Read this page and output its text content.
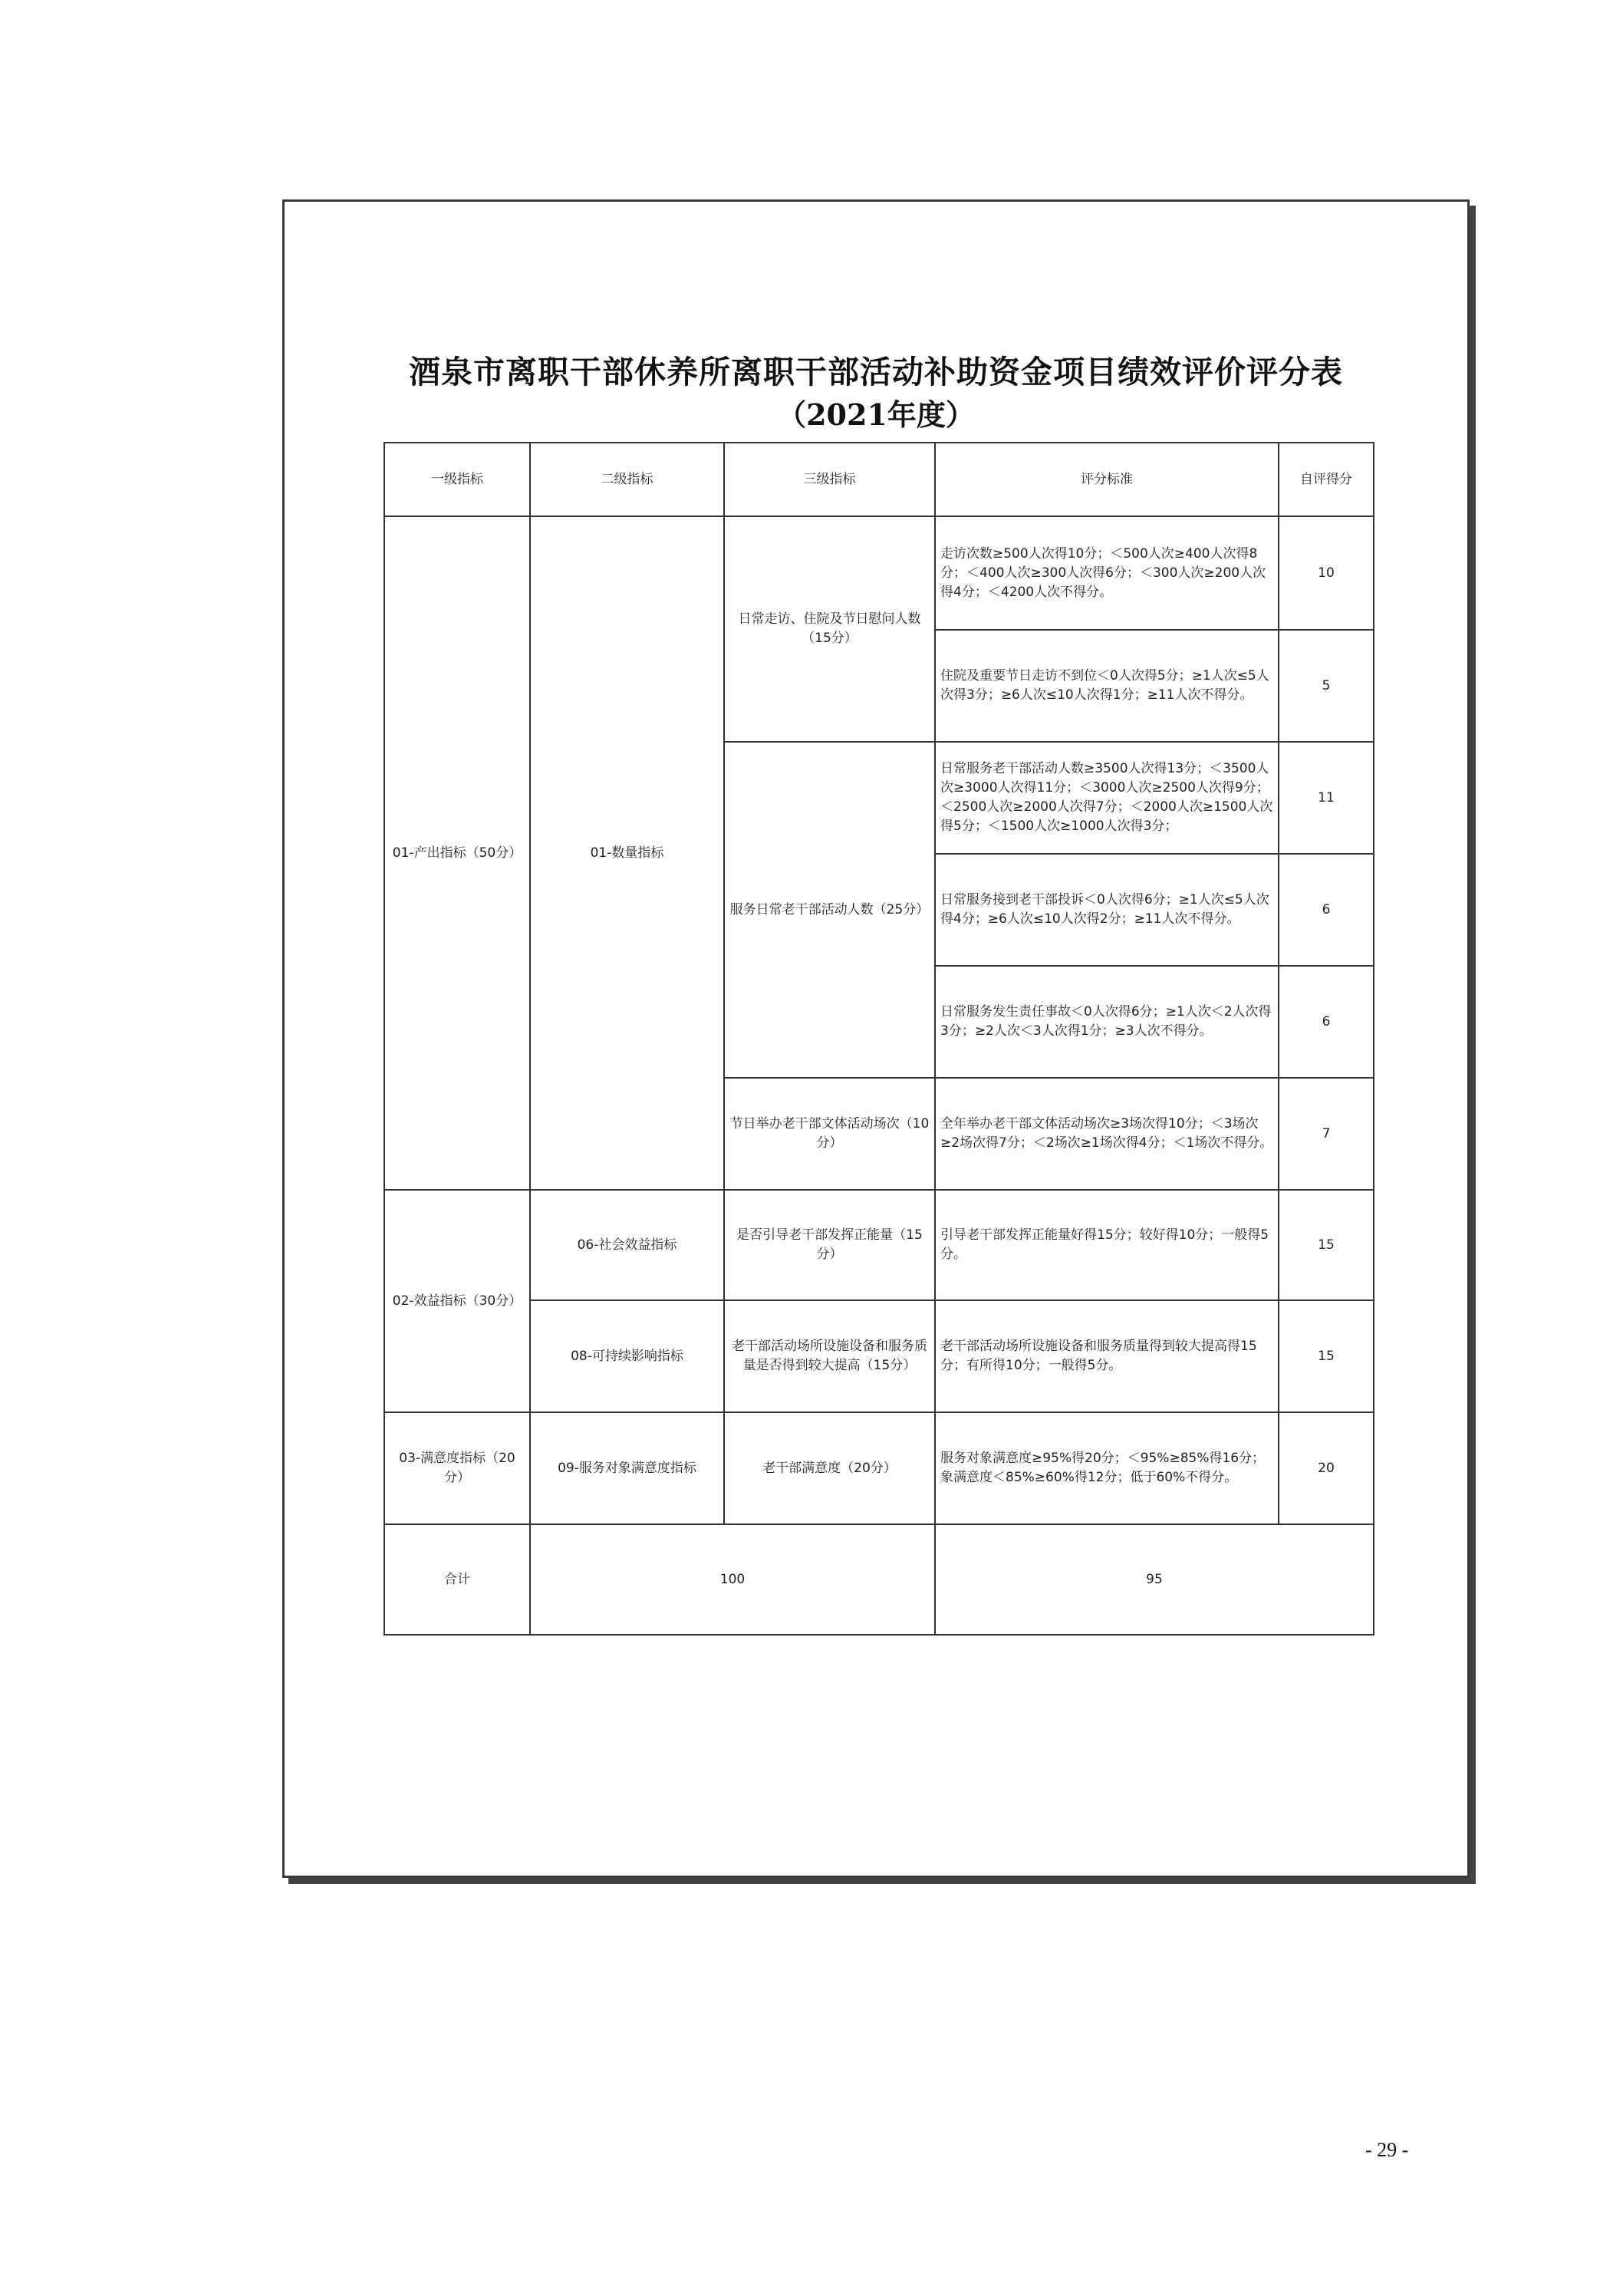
酒泉市离职干部休养所离职干部活动补助资金项目绩效评价评分表
（2021年度）
一级指标	二级指标	三级指标	评分标准	自评得分
01-产出指标（50分）	01-数量指标	日常走访、住院及节日慰问人数（15分）	走访次数≥500人次得10分；＜500人次≥400人次得8分；＜400人次≥300人次得6分；＜300人次≥200人次得4分；＜4200人次不得分。	10
			住院及重要节日走访不到位＜0人次得5分；≥1人次≤5人次得3分；≥6人次≤10人次得1分；≥11人次不得分。	5
		服务日常老干部活动人数（25分）	日常服务老干部活动人数≥3500人次得13分；＜3500人次≥3000人次得11分；＜3000人次≥2500人次得9分；＜2500人次≥2000人次得7分；＜2000人次≥1500人次得5分；＜1500人次≥1000人次得3分；	11
			日常服务接到老干部投诉＜0人次得6分；≥1人次≤5人次得4分；≥6人次≤10人次得2分；≥11人次不得分。	6
			日常服务发生责任事故＜0人次得6分；≥1人次＜2人次得3分；≥2人次＜3人次得1分；≥3人次不得分。	6
		节日举办老干部文体活动场次（10分）	全年举办老干部文体活动场次≥3场次得10分；＜3场次≥2场次得7分；＜2场次≥1场次得4分；＜1场次不得分。	7
02-效益指标（30分）	06-社会效益指标	是否引导老干部发挥正能量（15分）	引导老干部发挥正能量好得15分；较好得10分；一般得5分。	15
	08-可持续影响指标	老干部活动场所设施设备和服务质量是否得到较大提高（15分）	老干部活动场所设施设备和服务质量得到较大提高得15分；有所得10分；一般得5分。	15
03-满意度指标（20分）	09-服务对象满意度指标	老干部满意度（20分）	服务对象满意度≥95%得20分；＜95%≥85%得16分；象满意度＜85%≥60%得12分；低于60%不得分。	20
合计	100		95	
- 29 -
